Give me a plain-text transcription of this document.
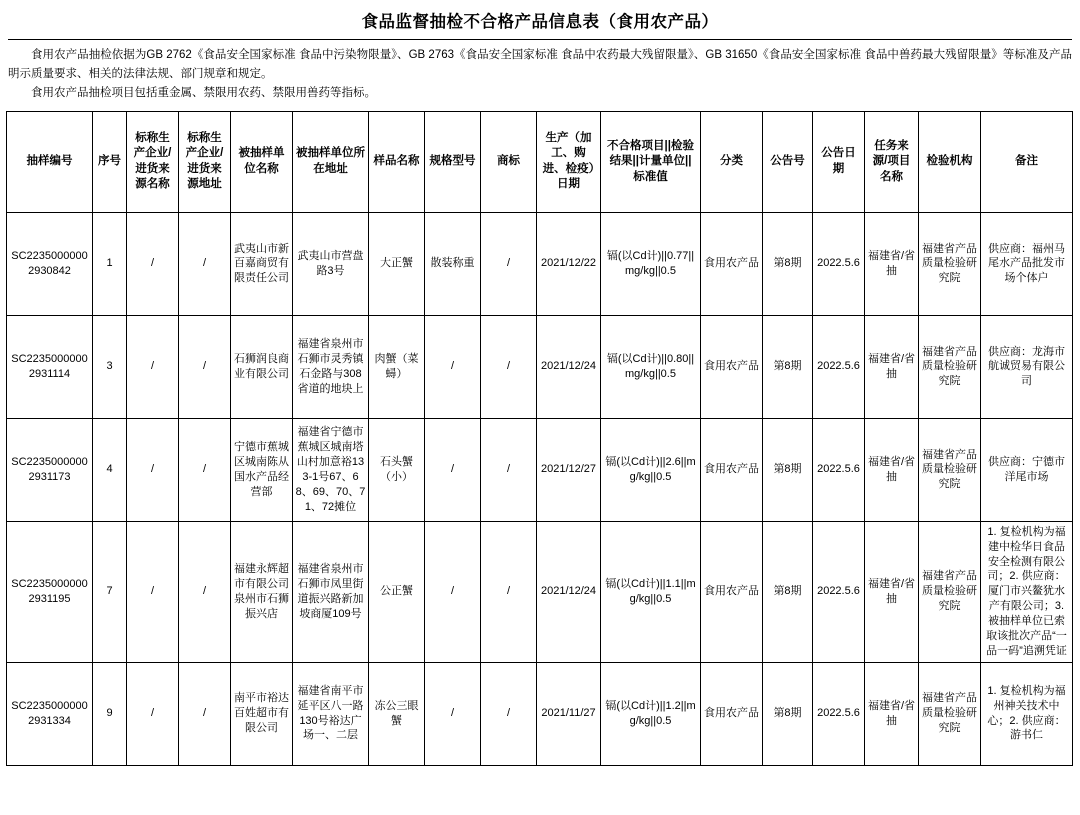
食品监督抽检不合格产品信息表（食用农产品）

食用农产品抽检依据为GB 2762《食品安全国家标准 食品中污染物限量》、GB 2763《食品安全国家标准 食品中农药最大残留限量》、GB 31650《食品安全国家标准 食品中兽药最大残留限量》等标准及产品明示质量要求、相关的法律法规、部门规章和规定。

食用农产品抽检项目包括重金属、禁限用农药、禁限用兽药等指标。

抽样编号	序号	标称生产企业/进货来源名称	标称生产企业/进货来源地址	被抽样单位名称	被抽样单位所在地址	样品名称	规格型号	商标	生产（加工、购进、检疫）日期	不合格项目||检验结果||计量单位||标准值	分类	公告号	公告日期	任务来源/项目名称	检验机构	备注
SC22350000002930842	1	/	/	武夷山市新百嘉商贸有限责任公司	武夷山市营盘路3号	大正蟹	散装称重	/	2021/12/22	镉(以Cd计)||0.77||mg/kg||0.5	食用农产品	第8期	2022.5.6	福建省/省抽	福建省产品质量检验研究院	供应商：福州马尾水产品批发市场个体户
SC22350000002931114	3	/	/	石狮润良商业有限公司	福建省泉州市石狮市灵秀镇石金路与308省道的地块上	肉蟹（菜蟳）	/	/	2021/12/24	镉(以Cd计)||0.80||mg/kg||0.5	食用农产品	第8期	2022.5.6	福建省/省抽	福建省产品质量检验研究院	供应商：龙海市航诚贸易有限公司
SC22350000002931173	4	/	/	宁德市蕉城区城南陈从国水产品经营部	福建省宁德市蕉城区城南塔山村加意裕133-1号67、68、69、70、71、72摊位	石头蟹（小）	/	/	2021/12/27	镉(以Cd计)||2.6||mg/kg||0.5	食用农产品	第8期	2022.5.6	福建省/省抽	福建省产品质量检验研究院	供应商：宁德市洋尾市场
SC22350000002931195	7	/	/	福建永辉超市有限公司泉州市石狮振兴店	福建省泉州市石狮市凤里街道振兴路新加坡商厦109号	公正蟹	/	/	2021/12/24	镉(以Cd计)||1.1||mg/kg||0.5	食用农产品	第8期	2022.5.6	福建省/省抽	福建省产品质量检验研究院	1. 复检机构为福建中检华日食品安全检测有限公司；2. 供应商：厦门市兴鳌犹水产有限公司；3. 被抽样单位已索取该批次产品“一品一码”追溯凭证
SC22350000002931334	9	/	/	南平市裕达百姓超市有限公司	福建省南平市延平区八一路130号裕达广场一、二层	冻公三眼蟹	/	/	2021/11/27	镉(以Cd计)||1.2||mg/kg||0.5	食用农产品	第8期	2022.5.6	福建省/省抽	福建省产品质量检验研究院	1. 复检机构为福州神关技术中心；2. 供应商：游书仁
